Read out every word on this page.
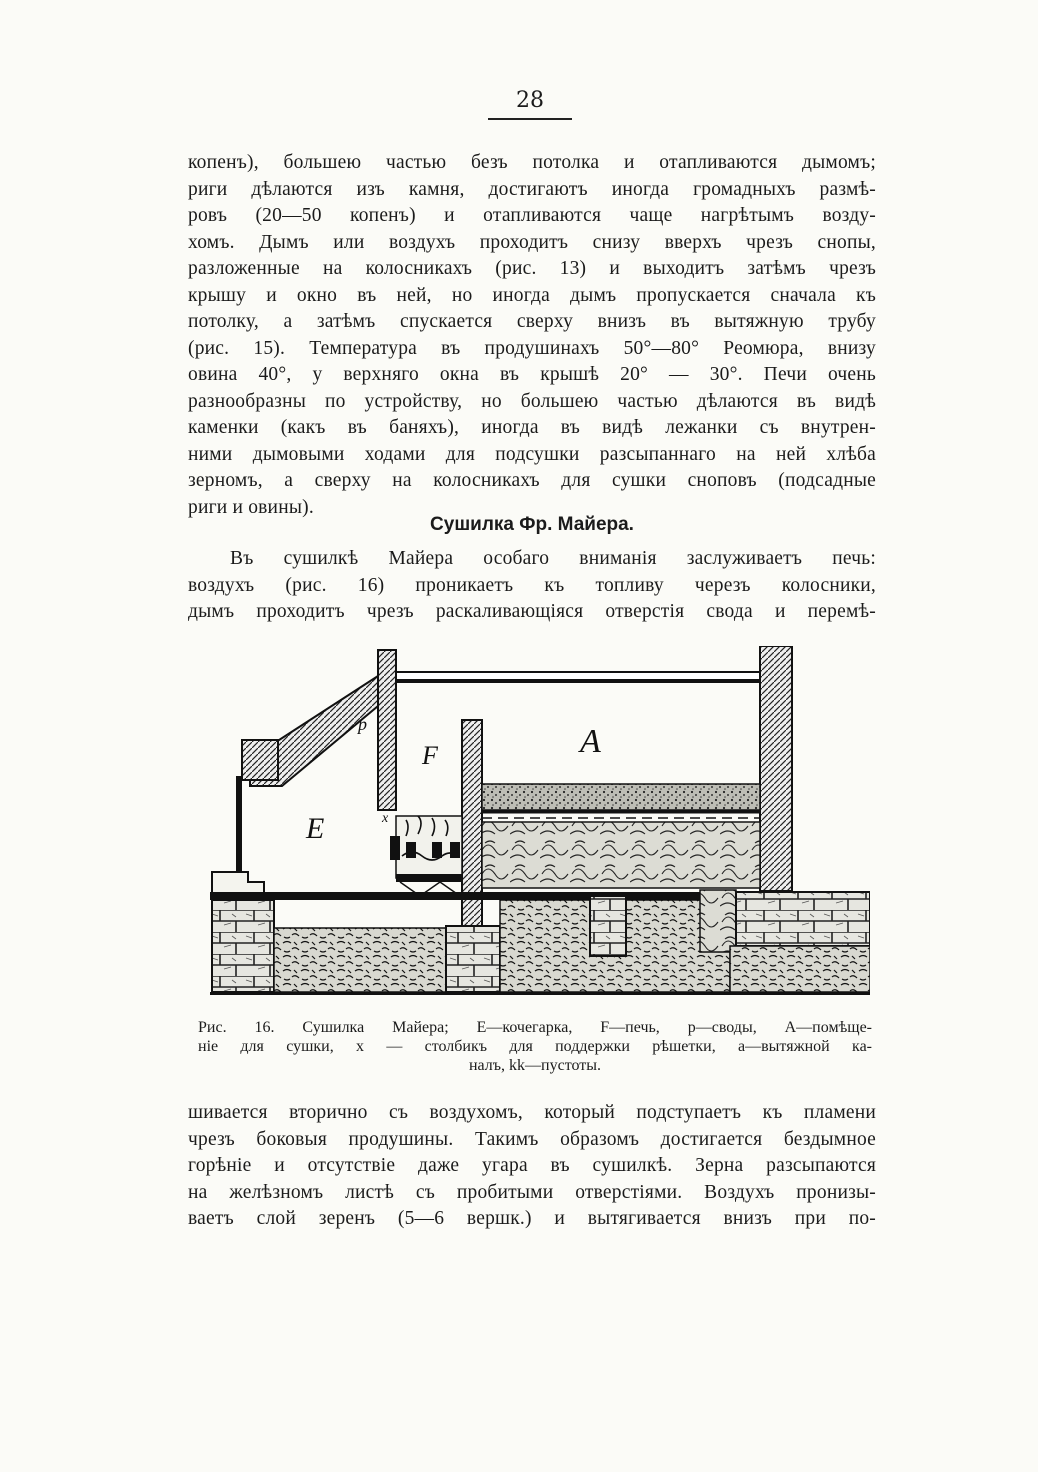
28
копенъ), большею частью безъ потолка и отапливаются дымомъ;
риги дѣлаются изъ камня, достигаютъ иногда громадныхъ размѣ-
ровъ (20—50 копенъ) и отапливаются чаще нагрѣтымъ возду-
хомъ. Дымъ или воздухъ проходитъ снизу вверхъ чрезъ снопы,
разложенные на колосникахъ (рис. 13) и выходитъ затѣмъ чрезъ
крышу и окно въ ней, но иногда дымъ пропускается сначала къ
потолку, а затѣмъ спускается сверху внизъ въ вытяжную трубу
(рис. 15). Температура въ продушинахъ 50°—80° Реомюра, внизу
овина 40°, у верхняго окна въ крышѣ 20° — 30°. Печи очень
разнообразны по устройству, но большею частью дѣлаются въ видѣ
каменки (какъ въ баняхъ), иногда въ видѣ лежанки съ внутрен-
ними дымовыми ходами для подсушки разсыпаннаго на ней хлѣба
зерномъ, а сверху на колосникахъ для сушки сноповъ (подсадные
риги и овины).
Сушилка Фр. Майера.
Въ сушилкѣ Майера особаго вниманія заслуживаетъ печь:
воздухъ (рис. 16) проникаетъ къ топливу черезъ колосники,
дымъ проходитъ чрезъ раскаливающіяся отверстія свода и перемѣ-
A
F
E
p
x
Рис. 16. Сушилка Майера; E—кочегарка, F—печь, p—своды, A—помѣще-
ніе для сушки, x — столбикъ для поддержки рѣшетки, a—вытяжной ка-
налъ, kk—пустоты.
шивается вторично съ воздухомъ, который подступаетъ къ пламени
чрезъ боковыя продушины. Такимъ образомъ достигается бездымное
горѣніе и отсутствіе даже угара въ сушилкѣ. Зерна разсыпаются
на желѣзномъ листѣ съ пробитыми отверстіями. Воздухъ пронизы-
ваетъ слой зеренъ (5—6 вершк.) и вытягивается внизъ при по-
